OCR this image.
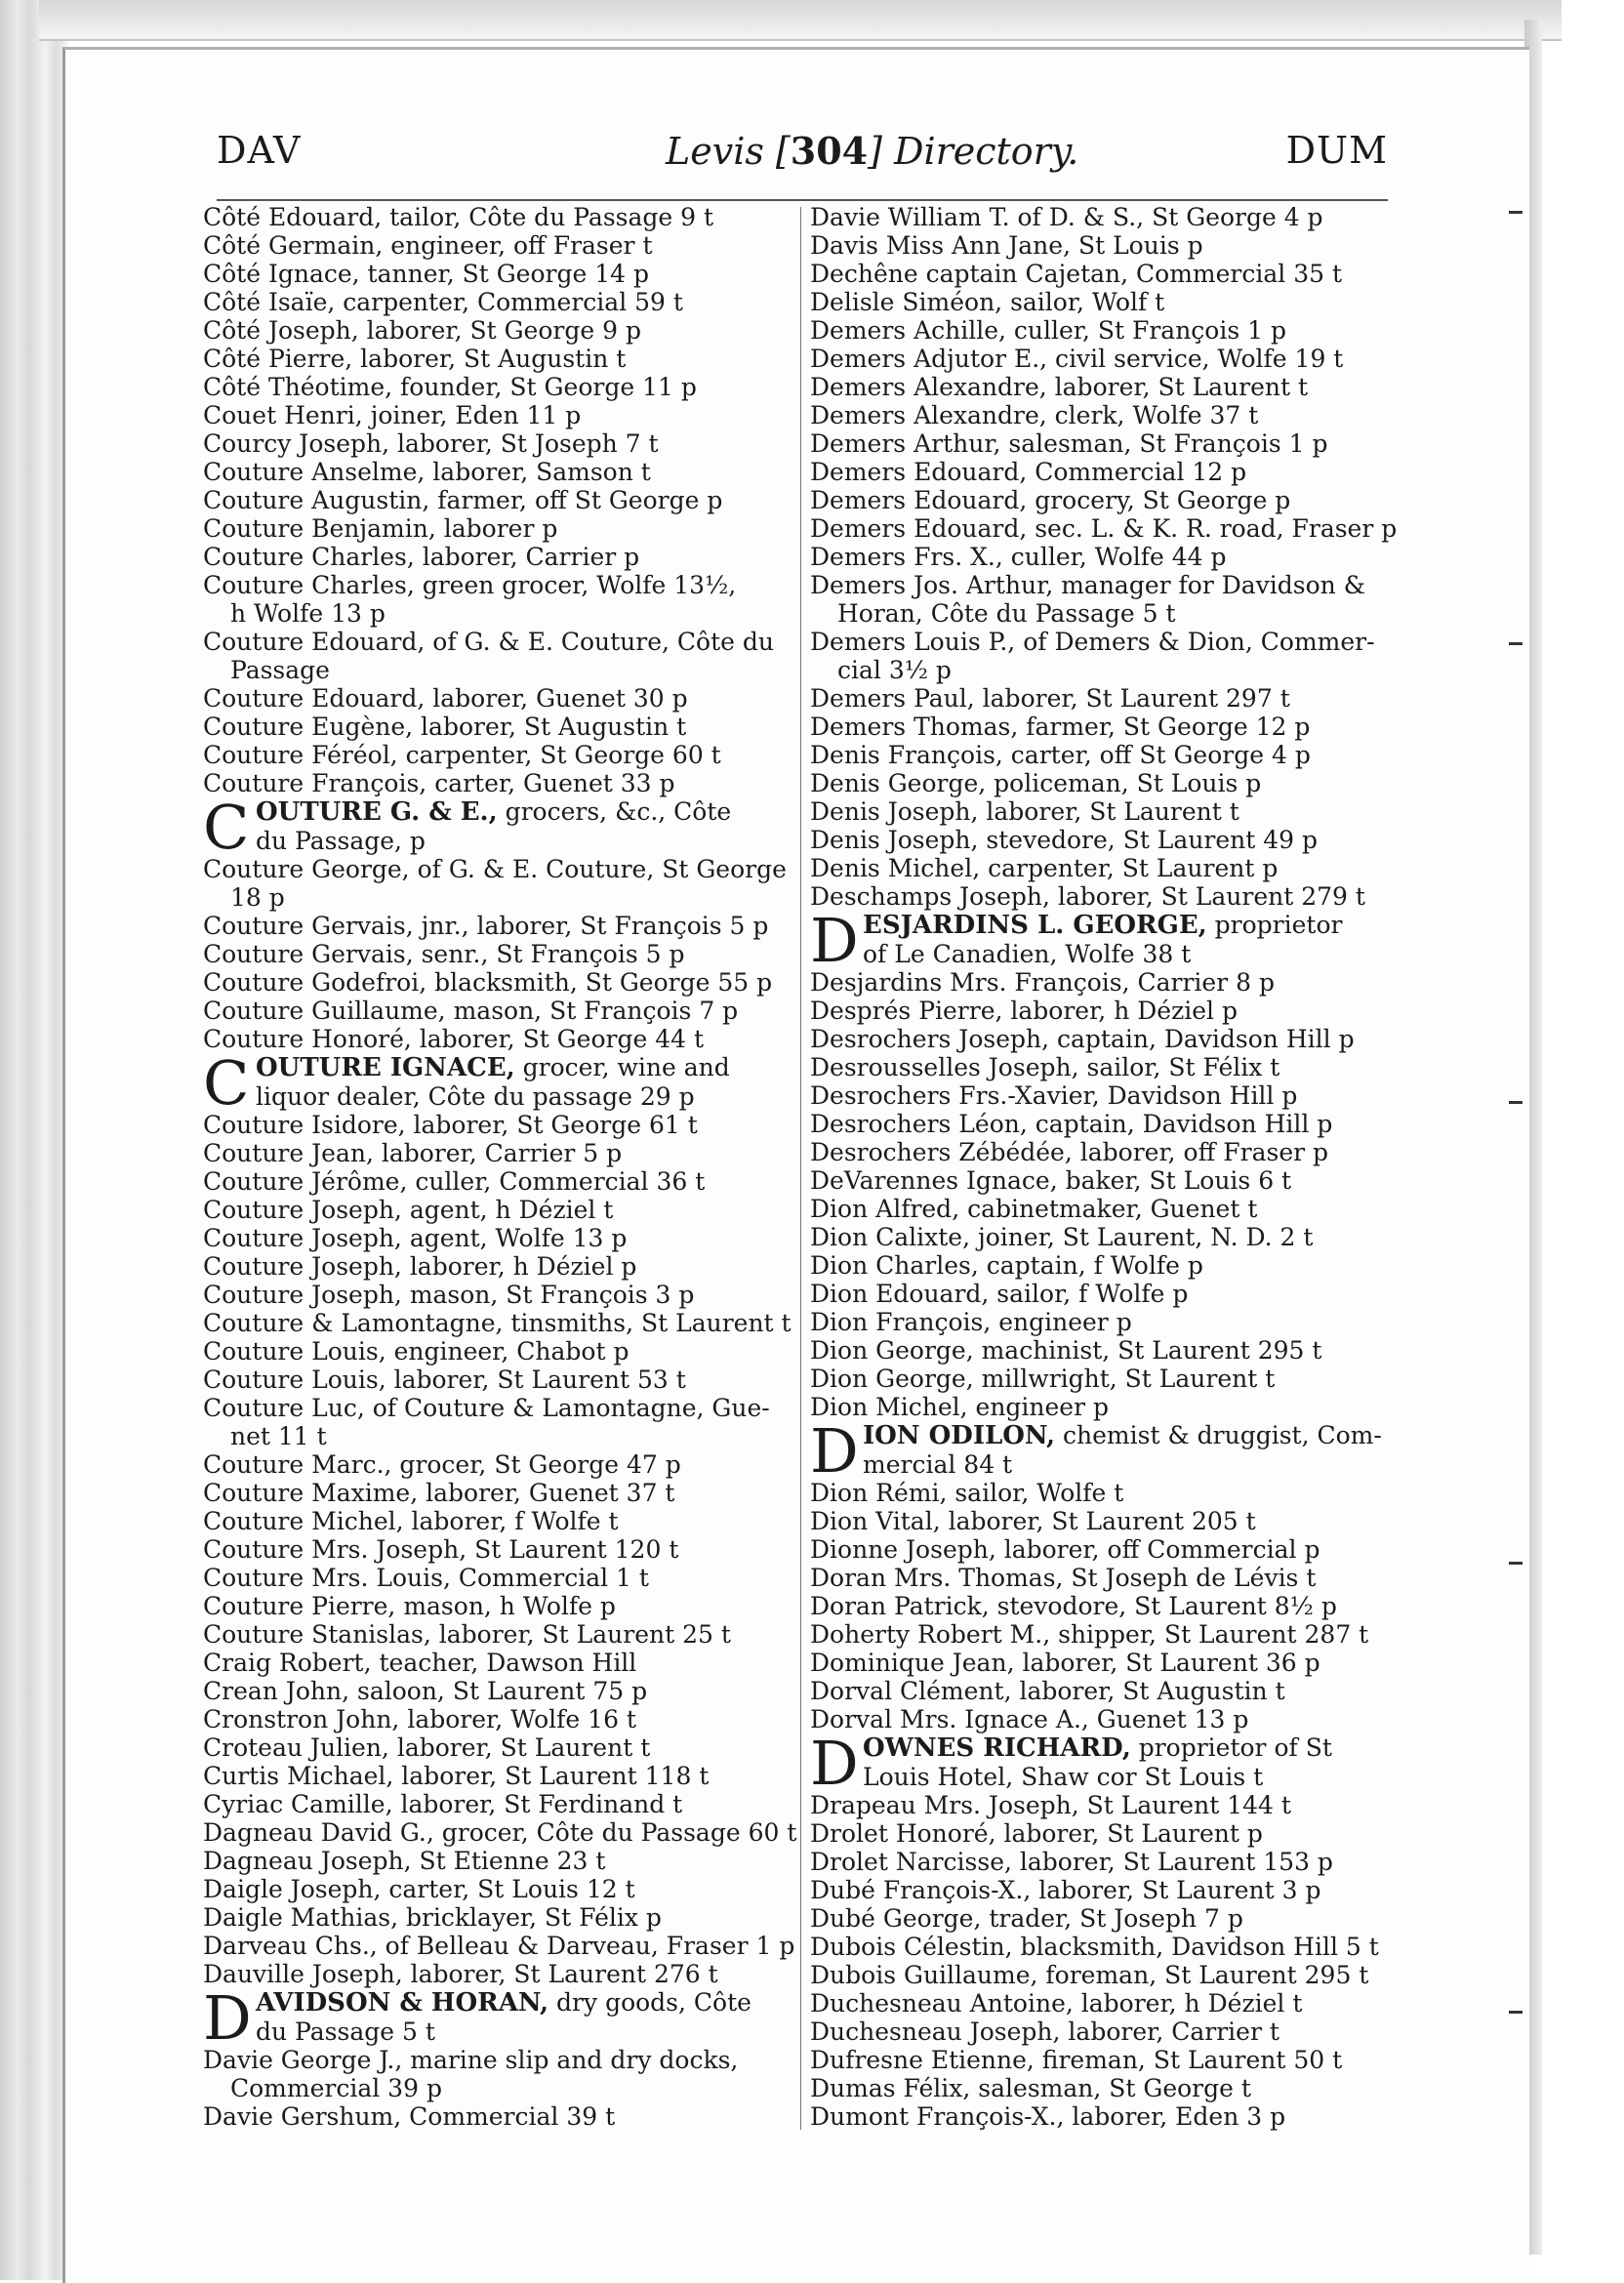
DAV	Levis [304] Directory.	DUM
Côté Edouard, tailor, Côte du Passage 9 t
Côté Germain, engineer, off Fraser t
Côté Ignace, tanner, St George 14 p
Côté Isaïe, carpenter, Commercial 59 t
Côté Joseph, laborer, St George 9 p
Côté Pierre, laborer, St Augustin t
Côté Théotime, founder, St George 11 p
Couet Henri, joiner, Eden 11 p
Courcy Joseph, laborer, St Joseph 7 t
Couture Anselme, laborer, Samson t
Couture Augustin, farmer, off St George p
Couture Benjamin, laborer p
Couture Charles, laborer, Carrier p
Couture Charles, green grocer, Wolfe 13½,
h Wolfe 13 p
Couture Edouard, of G. & E. Couture, Côte du
Passage
Couture Edouard, laborer, Guenet 30 p
Couture Eugène, laborer, St Augustin t
Couture Féréol, carpenter, St George 60 t
Couture François, carter, Guenet 33 p
C OUTURE G. & E., grocers, &c., Côte
du Passage, p
Couture George, of G. & E. Couture, St George
18 p
Couture Gervais, jnr., laborer, St François 5 p
Couture Gervais, senr., St François 5 p
Couture Godefroi, blacksmith, St George 55 p
Couture Guillaume, mason, St François 7 p
Couture Honoré, laborer, St George 44 t
C OUTURE IGNACE, grocer, wine and
liquor dealer, Côte du passage 29 p
Couture Isidore, laborer, St George 61 t
Couture Jean, laborer, Carrier 5 p
Couture Jérôme, culler, Commercial 36 t
Couture Joseph, agent, h Déziel t
Couture Joseph, agent, Wolfe 13 p
Couture Joseph, laborer, h Déziel p
Couture Joseph, mason, St François 3 p
Couture & Lamontagne, tinsmiths, St Laurent t
Couture Louis, engineer, Chabot p
Couture Louis, laborer, St Laurent 53 t
Couture Luc, of Couture & Lamontagne, Gue-
net 11 t
Couture Marc., grocer, St George 47 p
Couture Maxime, laborer, Guenet 37 t
Couture Michel, laborer, f Wolfe t
Couture Mrs. Joseph, St Laurent 120 t
Couture Mrs. Louis, Commercial 1 t
Couture Pierre, mason, h Wolfe p
Couture Stanislas, laborer, St Laurent 25 t
Craig Robert, teacher, Dawson Hill
Crean John, saloon, St Laurent 75 p
Cronstron John, laborer, Wolfe 16 t
Croteau Julien, laborer, St Laurent t
Curtis Michael, laborer, St Laurent 118 t
Cyriac Camille, laborer, St Ferdinand t
Dagneau David G., grocer, Côte du Passage 60 t
Dagneau Joseph, St Etienne 23 t
Daigle Joseph, carter, St Louis 12 t
Daigle Mathias, bricklayer, St Félix p
Darveau Chs., of Belleau & Darveau, Fraser 1 p
Dauville Joseph, laborer, St Laurent 276 t
D AVIDSON & HORAN, dry goods, Côte
du Passage 5 t
Davie George J., marine slip and dry docks,
Commercial 39 p
Davie Gershum, Commercial 39 t
Davie William T. of D. & S., St George 4 p
Davis Miss Ann Jane, St Louis p
Dechêne captain Cajetan, Commercial 35 t
Delisle Siméon, sailor, Wolf t
Demers Achille, culler, St François 1 p
Demers Adjutor E., civil service, Wolfe 19 t
Demers Alexandre, laborer, St Laurent t
Demers Alexandre, clerk, Wolfe 37 t
Demers Arthur, salesman, St François 1 p
Demers Edouard, Commercial 12 p
Demers Edouard, grocery, St George p
Demers Edouard, sec. L. & K. R. road, Fraser p
Demers Frs. X., culler, Wolfe 44 p
Demers Jos. Arthur, manager for Davidson &
Horan, Côte du Passage 5 t
Demers Louis P., of Demers & Dion, Commer-
cial 3½ p
Demers Paul, laborer, St Laurent 297 t
Demers Thomas, farmer, St George 12 p
Denis François, carter, off St George 4 p
Denis George, policeman, St Louis p
Denis Joseph, laborer, St Laurent t
Denis Joseph, stevedore, St Laurent 49 p
Denis Michel, carpenter, St Laurent p
Deschamps Joseph, laborer, St Laurent 279 t
D ESJARDINS L. GEORGE, proprietor
of Le Canadien, Wolfe 38 t
Desjardins Mrs. François, Carrier 8 p
Després Pierre, laborer, h Déziel p
Desrochers Joseph, captain, Davidson Hill p
Desrousselles Joseph, sailor, St Félix t
Desrochers Frs.-Xavier, Davidson Hill p
Desrochers Léon, captain, Davidson Hill p
Desrochers Zébédée, laborer, off Fraser p
DeVarennes Ignace, baker, St Louis 6 t
Dion Alfred, cabinetmaker, Guenet t
Dion Calixte, joiner, St Laurent, N. D. 2 t
Dion Charles, captain, f Wolfe p
Dion Edouard, sailor, f Wolfe p
Dion François, engineer p
Dion George, machinist, St Laurent 295 t
Dion George, millwright, St Laurent t
Dion Michel, engineer p
D ION ODILON, chemist & druggist, Com-
mercial 84 t
Dion Rémi, sailor, Wolfe t
Dion Vital, laborer, St Laurent 205 t
Dionne Joseph, laborer, off Commercial p
Doran Mrs. Thomas, St Joseph de Lévis t
Doran Patrick, stevodore, St Laurent 8½ p
Doherty Robert M., shipper, St Laurent 287 t
Dominique Jean, laborer, St Laurent 36 p
Dorval Clément, laborer, St Augustin t
Dorval Mrs. Ignace A., Guenet 13 p
D OWNES RICHARD, proprietor of St
Louis Hotel, Shaw cor St Louis t
Drapeau Mrs. Joseph, St Laurent 144 t
Drolet Honoré, laborer, St Laurent p
Drolet Narcisse, laborer, St Laurent 153 p
Dubé François-X., laborer, St Laurent 3 p
Dubé George, trader, St Joseph 7 p
Dubois Célestin, blacksmith, Davidson Hill 5 t
Dubois Guillaume, foreman, St Laurent 295 t
Duchesneau Antoine, laborer, h Déziel t
Duchesneau Joseph, laborer, Carrier t
Dufresne Etienne, fireman, St Laurent 50 t
Dumas Félix, salesman, St George t
Dumont François-X., laborer, Eden 3 p
